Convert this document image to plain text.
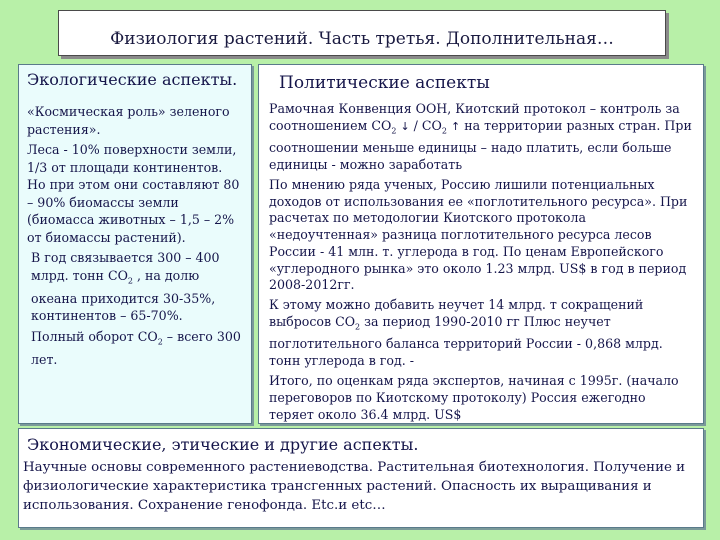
Физиология растений. Часть третья. Дополнительная…
Экологические аспекты.

«Космическая роль» зеленого растения».

Леса - 10% поверхности земли, 1/3 от площади континентов. Но при этом они составляют 80 – 90% биомассы земли (биомасса животных – 1,5 – 2% от биомассы растений).

В год связывается 300 – 400 млрд. тонн $CO_2$ , на долю океана приходится 30-35%, континентов – 65-70%.

Полный оборот $CO_2$ – всего 300 лет.

Политические аспекты

Рамочная Конвенция ООН, Киотский протокол – контроль за соотношением $CO_2$ ↓ / $CO_2$ ↑ на территории разных стран. При соотношении меньше единицы – надо платить, если больше единицы - можно заработать

По мнению ряда ученых, Россию лишили потенциальных доходов от использования ее «поглотительного ресурса». При расчетах по методологии Киотского протокола «недоучтенная» разница поглотительного ресурса лесов России - 41 млн. т. углерода в год. По ценам Европейского «углеродного рынка» это около 1.23 млрд. US$ в год в период 2008-2012гг.

К этому можно добавить неучет 14 млрд. т сокращений выбросов $CO_2$ за период 1990-2010 гг Плюс неучет поглотительного баланса территорий России - 0,868 млрд. тонн углерода в год. -

Итого, по оценкам ряда экспертов, начиная с 1995г. (начало переговоров по Киотскому протоколу) Россия ежегодно теряет около 36.4 млрд. US$

Экономические, этические и другие аспекты.

Научные основы современного растениеводства. Растительная биотехнология. Получение и физиологические характеристика трансгенных растений. Опасность их выращивания и использования. Сохранение генофонда. Etc.и etc…
